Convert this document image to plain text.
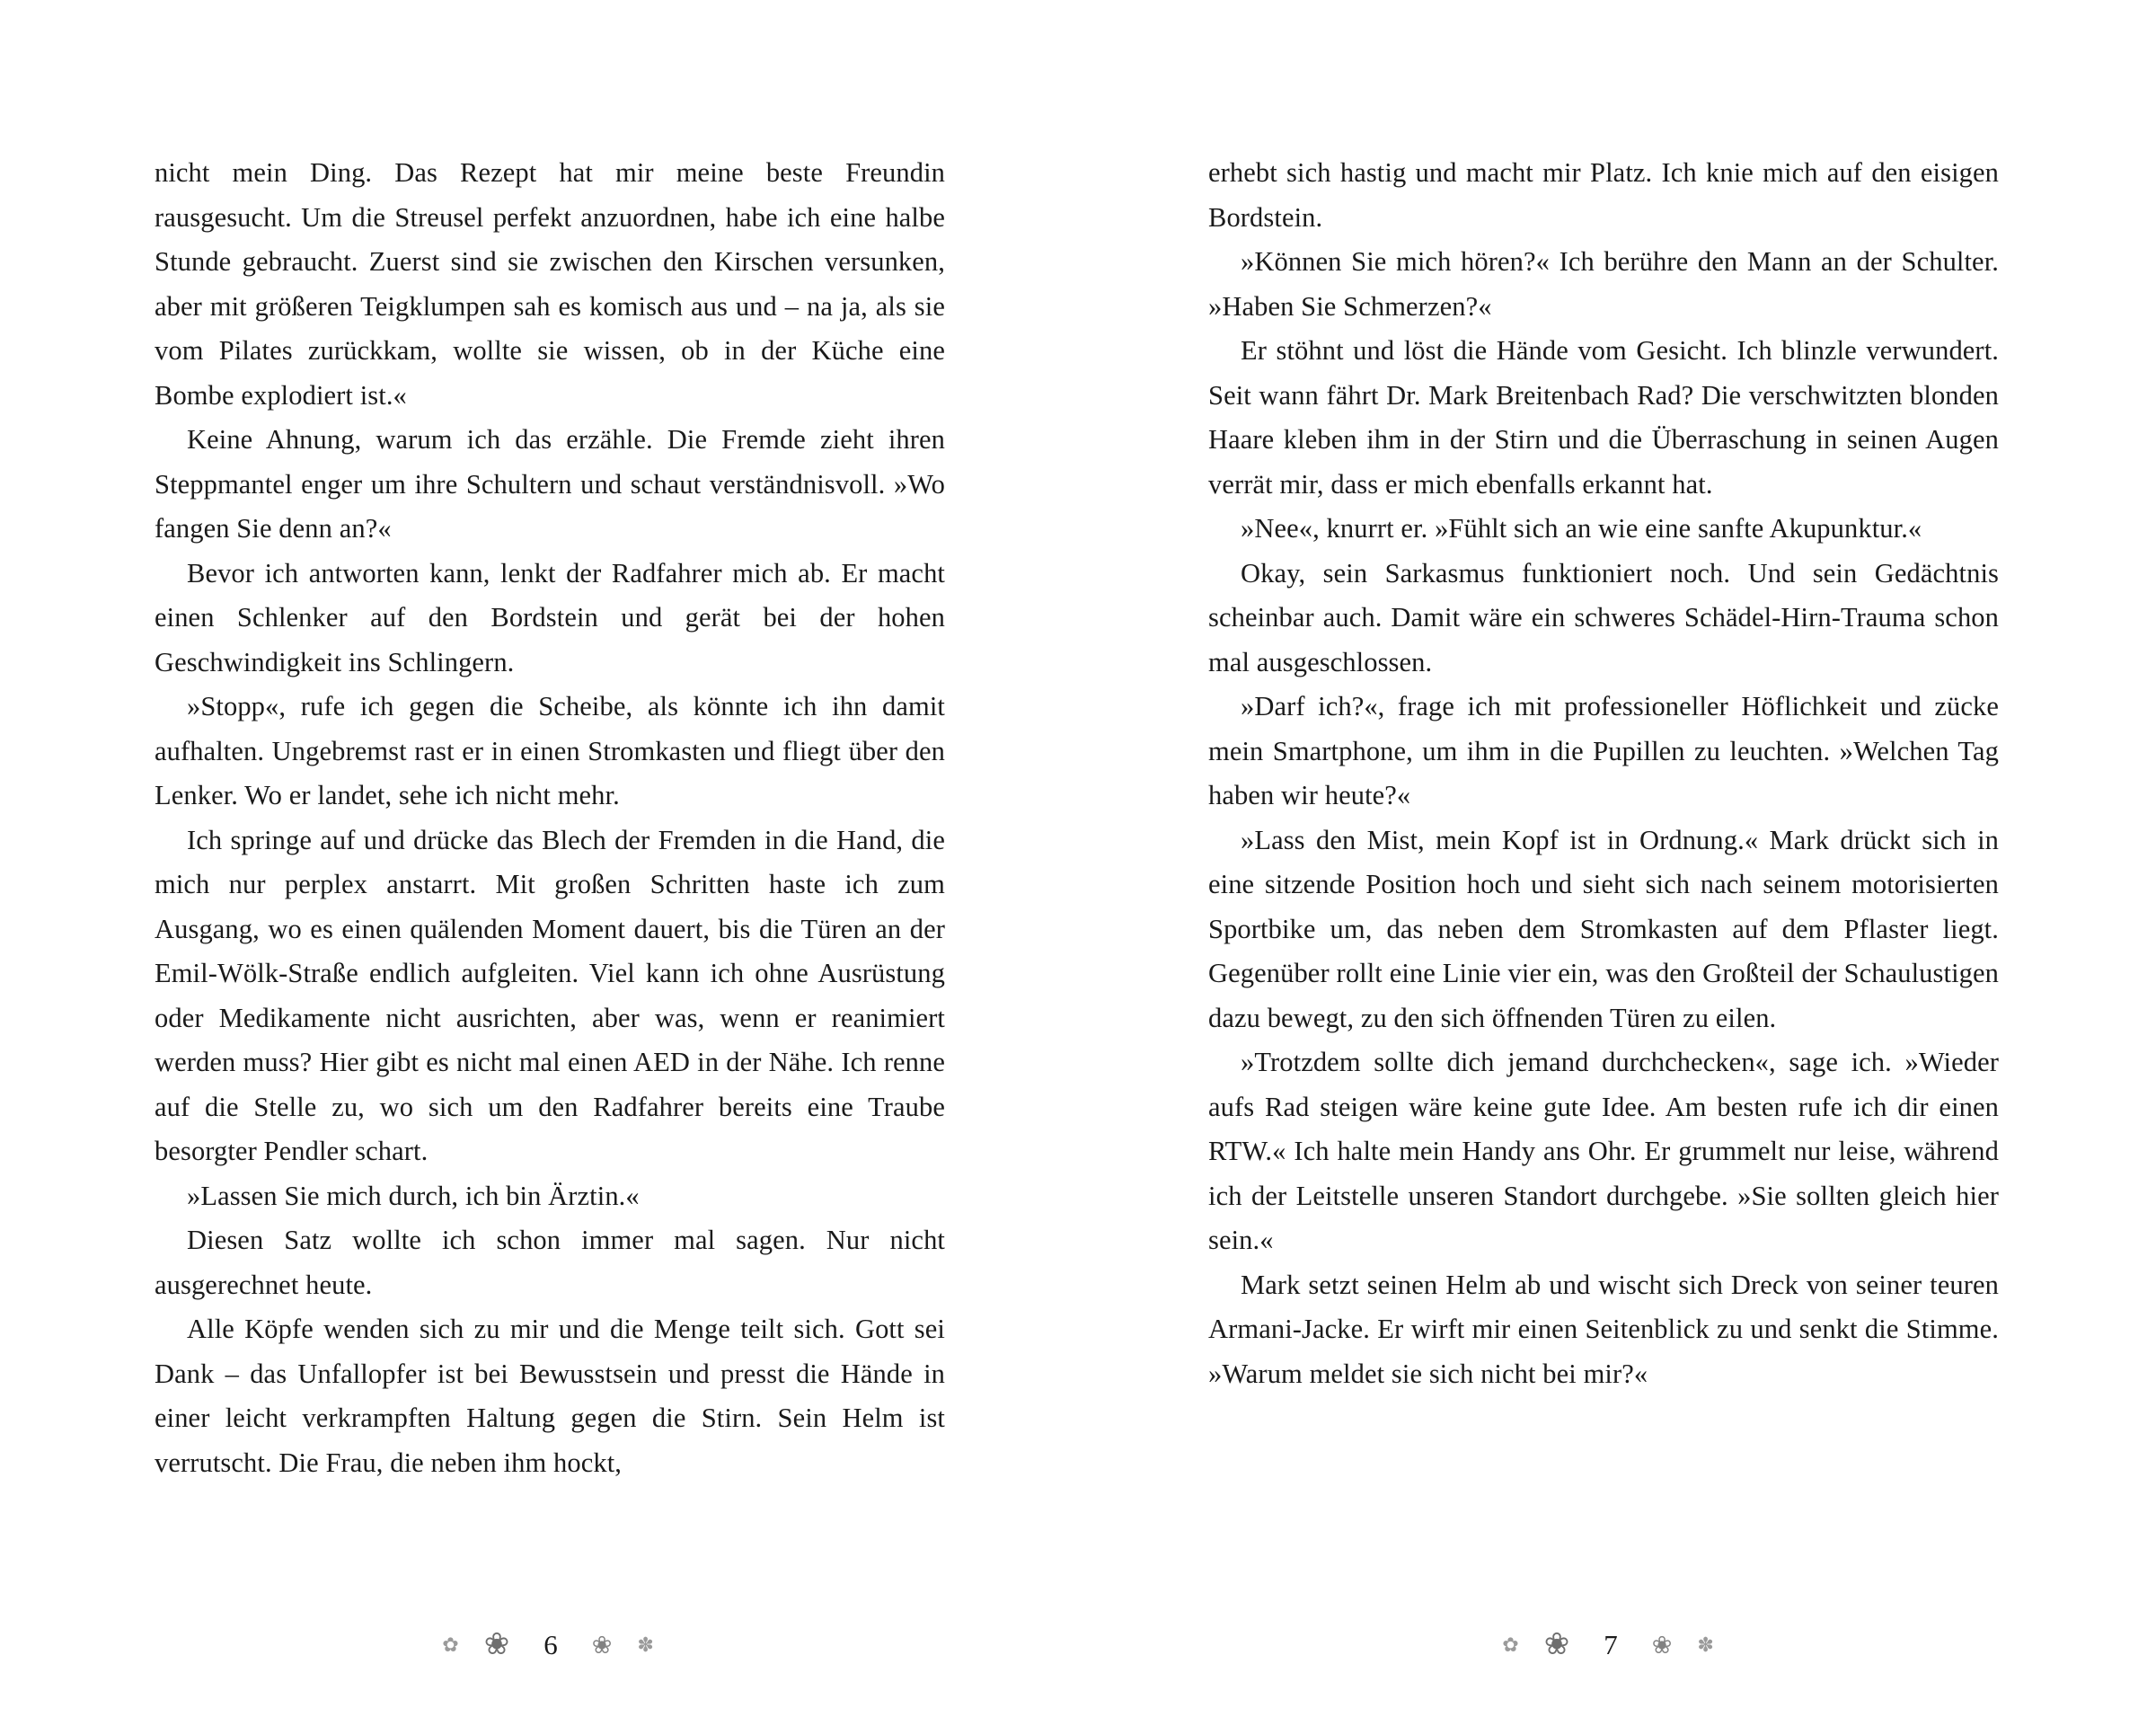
nicht mein Ding. Das Rezept hat mir meine beste Freundin rausgesucht. Um die Streusel perfekt anzuordnen, habe ich eine halbe Stunde gebraucht. Zuerst sind sie zwischen den Kirschen versunken, aber mit größeren Teigklumpen sah es komisch aus und – na ja, als sie vom Pilates zurückkam, wollte sie wissen, ob in der Küche eine Bombe explodiert ist.«

Keine Ahnung, warum ich das erzähle. Die Fremde zieht ihren Steppmantel enger um ihre Schultern und schaut verständnisvoll. »Wo fangen Sie denn an?«

Bevor ich antworten kann, lenkt der Radfahrer mich ab. Er macht einen Schlenker auf den Bordstein und gerät bei der hohen Geschwindigkeit ins Schlingern.

»Stopp«, rufe ich gegen die Scheibe, als könnte ich ihn damit aufhalten. Ungebremst rast er in einen Stromkasten und fliegt über den Lenker. Wo er landet, sehe ich nicht mehr.

Ich springe auf und drücke das Blech der Fremden in die Hand, die mich nur perplex anstarrt. Mit großen Schritten haste ich zum Ausgang, wo es einen quälenden Moment dauert, bis die Türen an der Emil-Wölk-Straße endlich aufgleiten. Viel kann ich ohne Ausrüstung oder Medikamente nicht ausrichten, aber was, wenn er reanimiert werden muss? Hier gibt es nicht mal einen AED in der Nähe. Ich renne auf die Stelle zu, wo sich um den Radfahrer bereits eine Traube besorgter Pendler schart.

»Lassen Sie mich durch, ich bin Ärztin.«

Diesen Satz wollte ich schon immer mal sagen. Nur nicht ausgerechnet heute.

Alle Köpfe wenden sich zu mir und die Menge teilt sich. Gott sei Dank – das Unfallopfer ist bei Bewusstsein und presst die Hände in einer leicht verkrampften Haltung gegen die Stirn. Sein Helm ist verrutscht. Die Frau, die neben ihm hockt,

erhebt sich hastig und macht mir Platz. Ich knie mich auf den eisigen Bordstein.

»Können Sie mich hören?« Ich berühre den Mann an der Schulter. »Haben Sie Schmerzen?«

Er stöhnt und löst die Hände vom Gesicht. Ich blinzle verwundert. Seit wann fährt Dr. Mark Breitenbach Rad? Die verschwitzten blonden Haare kleben ihm in der Stirn und die Überraschung in seinen Augen verrät mir, dass er mich ebenfalls erkannt hat.

»Nee«, knurrt er. »Fühlt sich an wie eine sanfte Akupunktur.«

Okay, sein Sarkasmus funktioniert noch. Und sein Gedächtnis scheinbar auch. Damit wäre ein schweres Schädel-Hirn-Trauma schon mal ausgeschlossen.

»Darf ich?«, frage ich mit professioneller Höflichkeit und zücke mein Smartphone, um ihm in die Pupillen zu leuchten. »Welchen Tag haben wir heute?«

»Lass den Mist, mein Kopf ist in Ordnung.« Mark drückt sich in eine sitzende Position hoch und sieht sich nach seinem motorisierten Sportbike um, das neben dem Stromkasten auf dem Pflaster liegt. Gegenüber rollt eine Linie vier ein, was den Großteil der Schaulustigen dazu bewegt, zu den sich öffnenden Türen zu eilen.

»Trotzdem sollte dich jemand durchchecken«, sage ich. »Wieder aufs Rad steigen wäre keine gute Idee. Am besten rufe ich dir einen RTW.« Ich halte mein Handy ans Ohr. Er grummelt nur leise, während ich der Leitstelle unseren Standort durchgebe. »Sie sollten gleich hier sein.«

Mark setzt seinen Helm ab und wischt sich Dreck von seiner teuren Armani-Jacke. Er wirft mir einen Seitenblick zu und senkt die Stimme. »Warum meldet sie sich nicht bei mir?«

✿ ❀	6	❀ ✽	✿ ❀	7	❀ ✽
